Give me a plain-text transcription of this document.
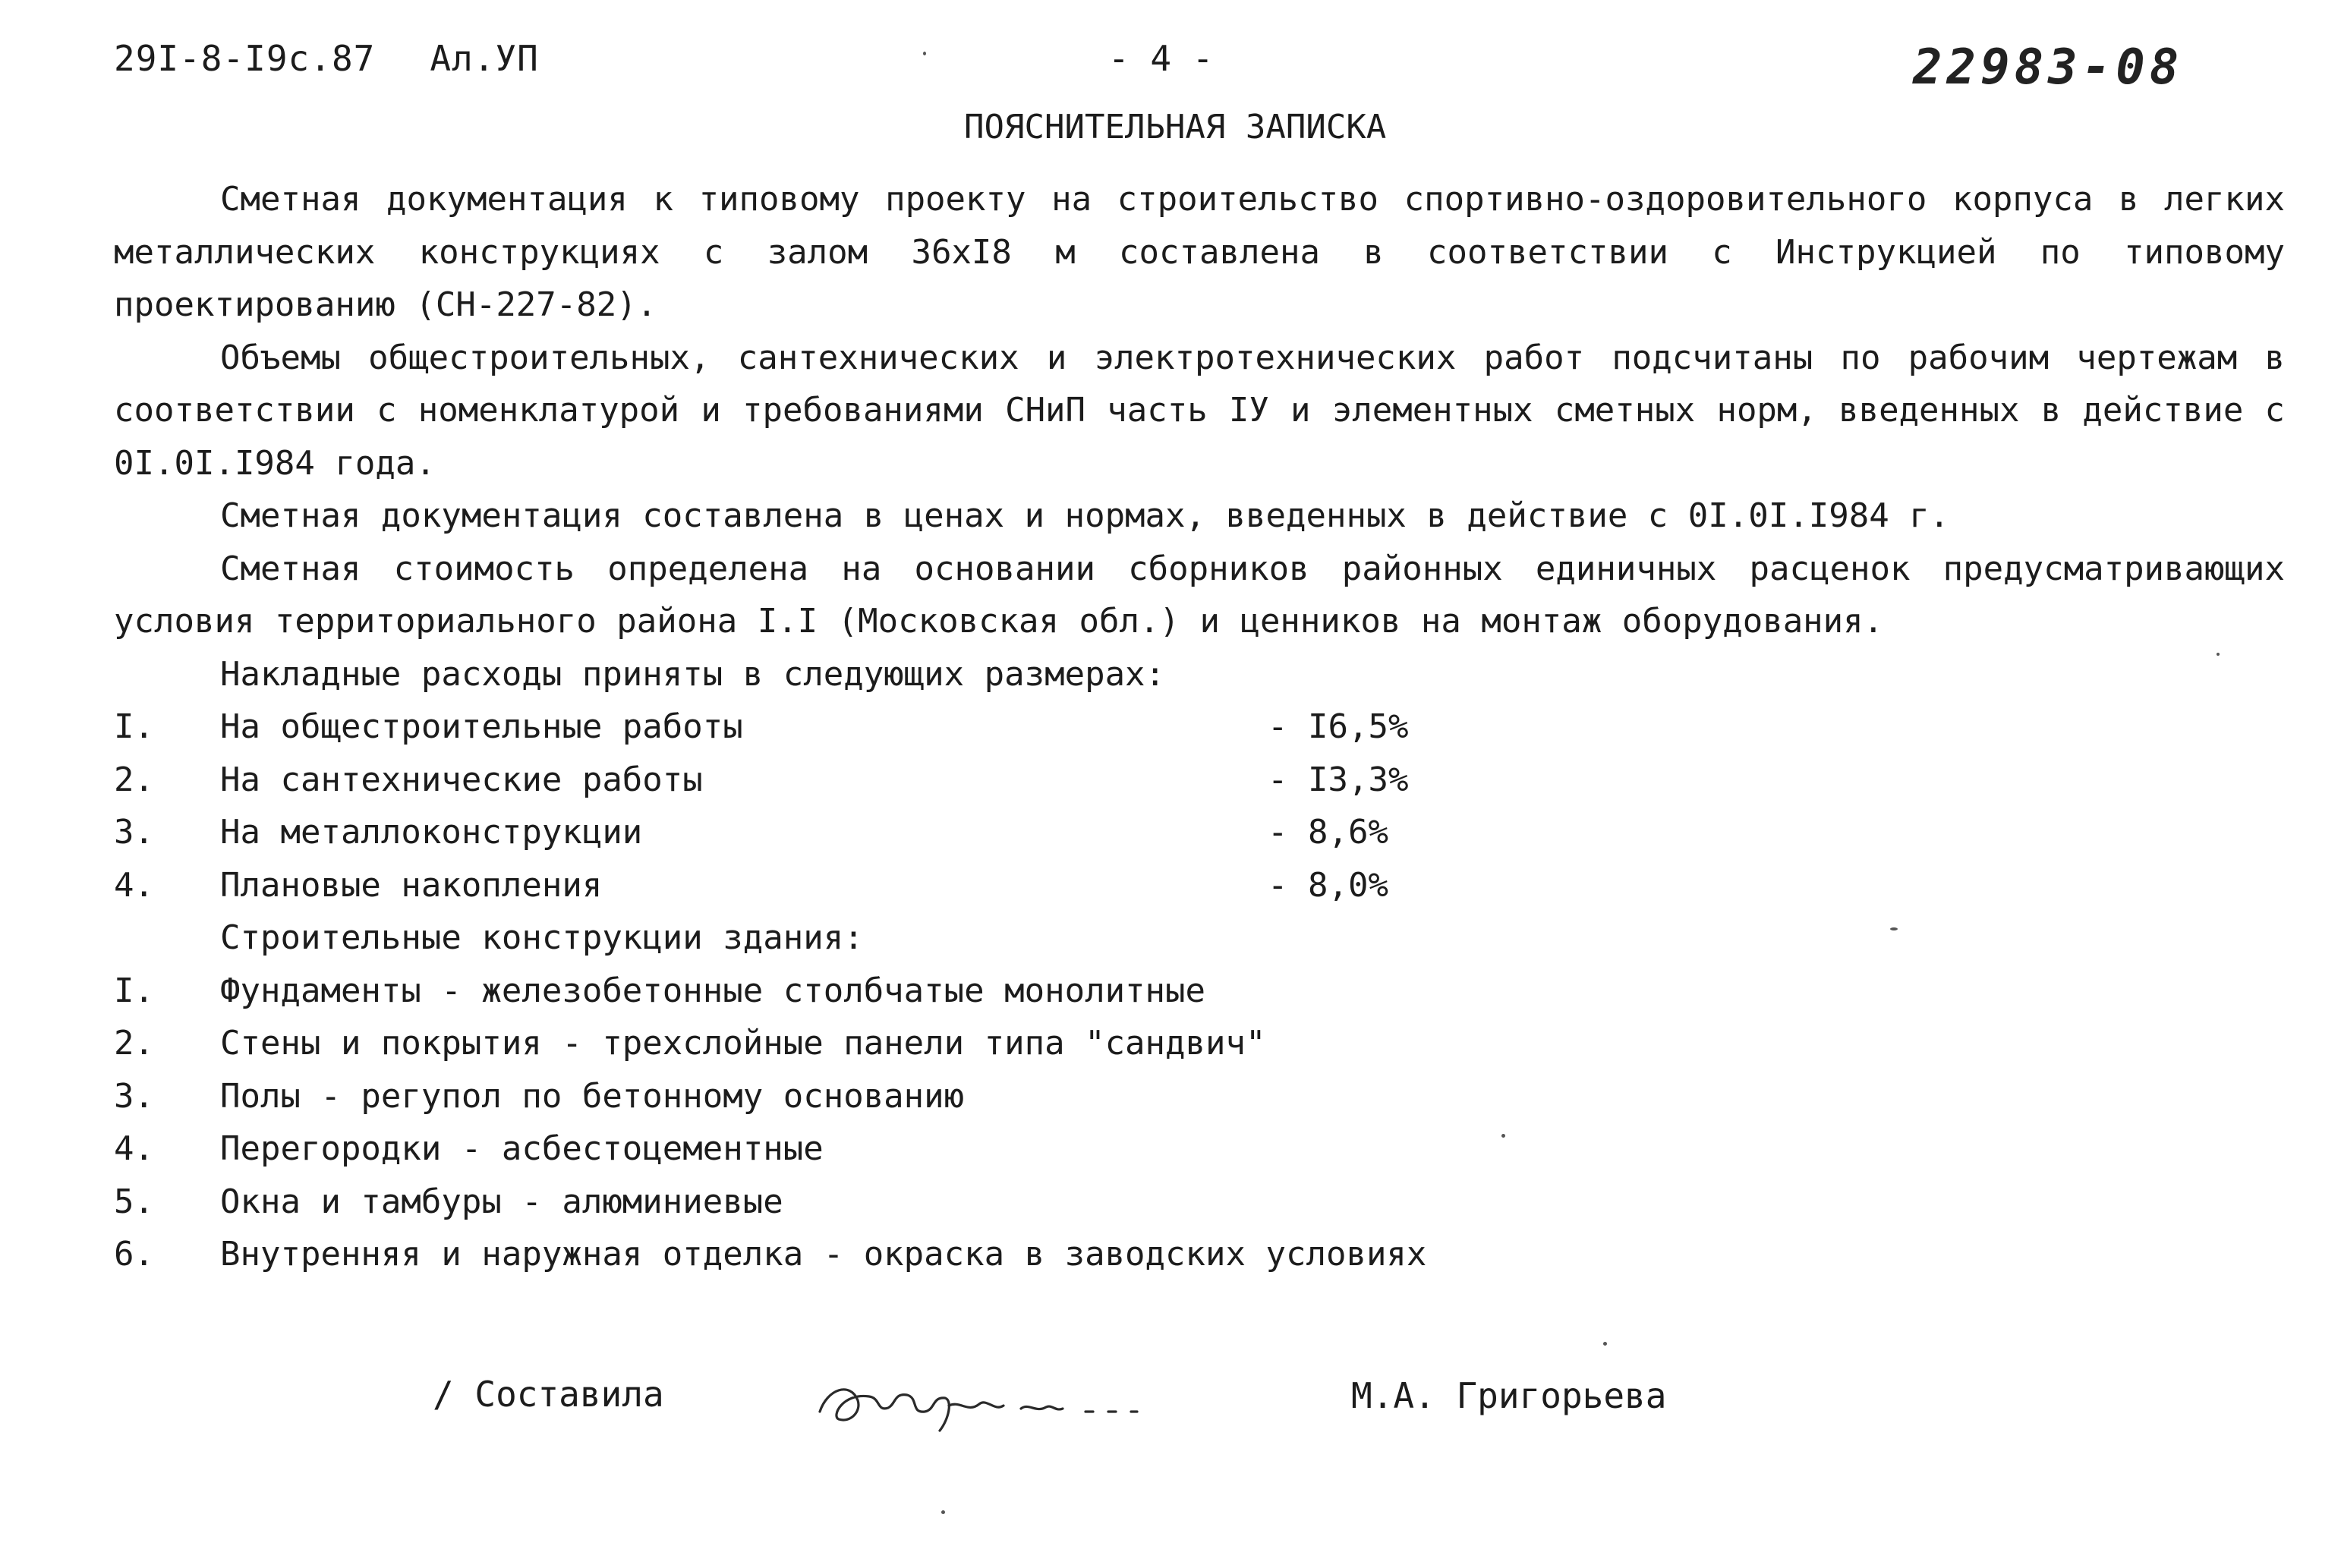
29I-8-I9с.87 Ал.УП	- 4 -	22983-08
ПОЯСНИТЕЛЬНАЯ ЗАПИСКА

Сметная документация к типовому проекту на строительство спортивно-оздоровительного корпуса в легких металлических конструкциях с залом 36хI8 м составлена в соответствии с Инструкцией по типовому проектированию (СН-227-82).

Объемы общестроительных, сантехнических и электротехнических работ подсчитаны по рабочим чертежам в соответствии с номенклатурой и требованиями СНиП часть IУ и элементных сметных норм, введенных в действие с 0I.0I.I984 года.

Сметная документация составлена в ценах и нормах, введенных в действие с 0I.0I.I984 г.

Сметная стоимость определена на основании сборников районных единичных расценок предусматривающих условия территориального района I.I (Московская обл.) и ценников на монтаж оборудования.

Накладные расходы приняты в следующих размерах:

I.	На общестроительные работы	- I6,5%
2.	На сантехнические работы	- I3,3%
3.	На металлоконструкции	- 8,6%
4.	Плановые накопления	- 8,0%

Строительные конструкции здания:

I.	Фундаменты - железобетонные столбчатые монолитные
2.	Стены и покрытия - трехслойные панели типа "сандвич"
3.	Полы - регупол по бетонному основанию
4.	Перегородки - асбестоцементные
5.	Окна и тамбуры - алюминиевые
6.	Внутренняя и наружная отделка - окраска в заводских условиях
/ Составила	М.А. Григорьева
